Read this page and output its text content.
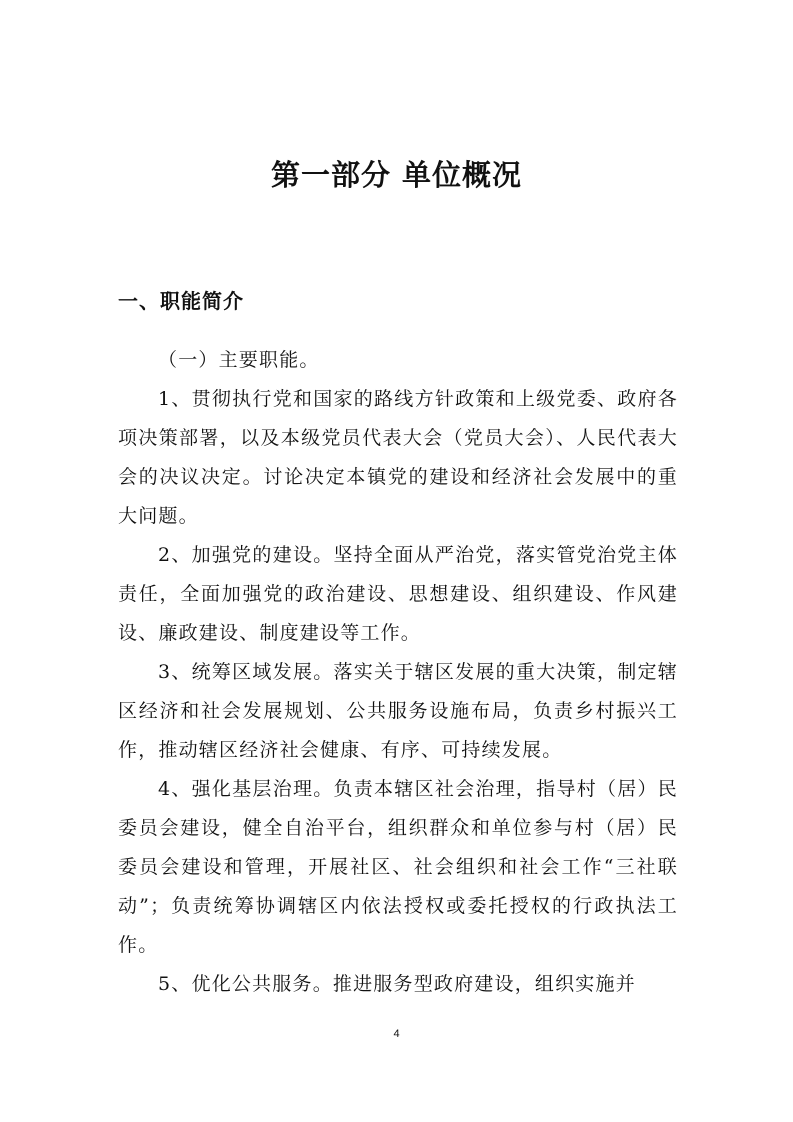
第一部分 单位概况
一、职能简介

（一）主要职能。

1、贯彻执行党和国家的路线方针政策和上级党委、政府各项决策部署，以及本级党员代表大会（党员大会）、人民代表大会的决议决定。讨论决定本镇党的建设和经济社会发展中的重大问题。

2、加强党的建设。坚持全面从严治党，落实管党治党主体责任，全面加强党的政治建设、思想建设、组织建设、作风建设、廉政建设、制度建设等工作。

3、统筹区域发展。落实关于辖区发展的重大决策，制定辖区经济和社会发展规划、公共服务设施布局，负责乡村振兴工作，推动辖区经济社会健康、有序、可持续发展。

4、强化基层治理。负责本辖区社会治理，指导村（居）民委员会建设，健全自治平台，组织群众和单位参与村（居）民委员会建设和管理，开展社区、社会组织和社会工作“三社联动”；负责统筹协调辖区内依法授权或委托授权的行政执法工作。

5、优化公共服务。推进服务型政府建设，组织实施并

4
